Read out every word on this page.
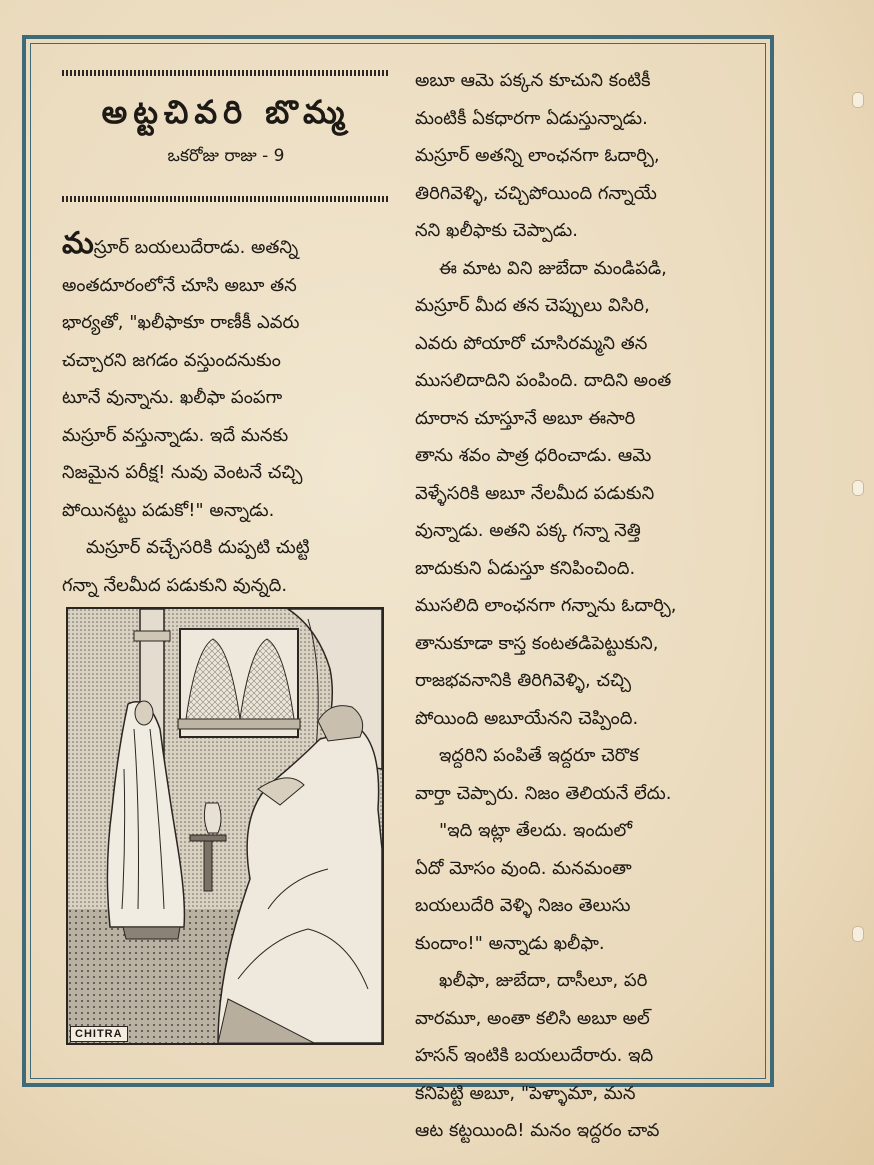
అట్టచివరి బొమ్మ
ఒకరోజు రాజు - 9

మస్రూర్ బయలుదేరాడు. అతన్ని
అంతదూరంలోనే చూసి అబూ తన
భార్యతో, "ఖలీఫాకూ రాణీకీ ఎవరు
చచ్చారని జగడం వస్తుందనుకుం
టూనే వున్నాను. ఖలీఫా పంపగా
మస్రూర్ వస్తున్నాడు. ఇదే మనకు
నిజమైన పరీక్ష! నువు వెంటనే చచ్చి
పోయినట్టు పడుకో!" అన్నాడు.

మస్రూర్ వచ్చేసరికి దుప్పటి చుట్టి
గన్నా నేలమీద పడుకుని వున్నది.

CHITRA

అబూ ఆమె పక్కన కూచుని కంటికీ
మంటికీ ఏకధారగా ఏడుస్తున్నాడు.
మస్రూర్ అతన్ని లాంఛనగా ఓదార్చి,
తిరిగివెళ్ళి, చచ్చిపోయింది గన్నాయే
నని ఖలీఫాకు చెప్పాడు.

ఈ మాట విని జుబేదా మండిపడి,
మస్రూర్ మీద తన చెప్పులు విసిరి,
ఎవరు పోయారో చూసిరమ్మని తన
ముసలిదాదిని పంపింది. దాదిని అంత
దూరాన చూస్తూనే అబూ ఈసారి
తాను శవం పాత్ర ధరించాడు. ఆమె
వెళ్ళేసరికి అబూ నేలమీద పడుకుని
వున్నాడు. అతని పక్క గన్నా నెత్తి
బాదుకుని ఏడుస్తూ కనిపించింది.
ముసలిది లాంఛనగా గన్నాను ఓదార్చి,
తానుకూడా కాస్త కంటతడిపెట్టుకుని,
రాజభవనానికి తిరిగివెళ్ళి, చచ్చి
పోయింది అబూయేనని చెప్పింది.

ఇద్దరిని పంపితే ఇద్దరూ చెరొక
వార్తా చెప్పారు. నిజం తెలియనే లేదు.

"ఇది ఇట్లా తేలదు. ఇందులో
ఏదో మోసం వుంది. మనమంతా
బయలుదేరి వెళ్ళి నిజం తెలుసు
కుందాం!" అన్నాడు ఖలీఫా.

ఖలీఫా, జుబేదా, దాసీలూ, పరి
వారమూ, అంతా కలిసి అబూ అల్
హసన్ ఇంటికి బయలుదేరారు. ఇది
కనిపెట్టి అబూ, "పెళ్ళామా, మన
ఆట కట్టయింది! మనం ఇద్దరం చావ
